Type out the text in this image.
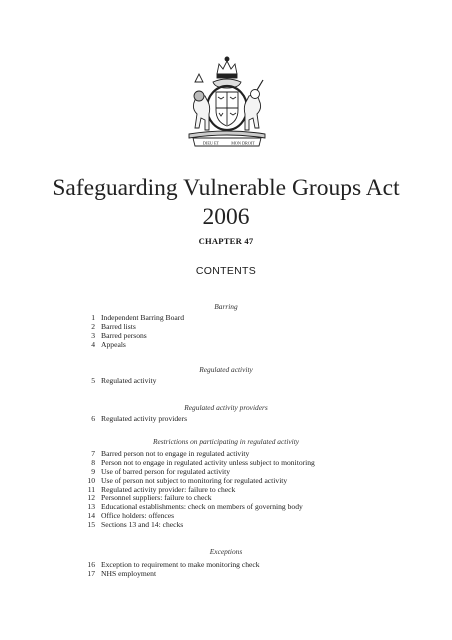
DIEU ET	MON DROIT
Safeguarding Vulnerable Groups Act
2006
CHAPTER 47
CONTENTS
Barring
1 Independent Barring Board
2 Barred lists
3 Barred persons
4 Appeals
Regulated activity
5 Regulated activity
Regulated activity providers
6 Regulated activity providers
Restrictions on participating in regulated activity
7 Barred person not to engage in regulated activity
8 Person not to engage in regulated activity unless subject to monitoring
9 Use of barred person for regulated activity
10 Use of person not subject to monitoring for regulated activity
11 Regulated activity provider: failure to check
12 Personnel suppliers: failure to check
13 Educational establishments: check on members of governing body
14 Office holders: offences
15 Sections 13 and 14: checks
Exceptions
16 Exception to requirement to make monitoring check
17 NHS employment
